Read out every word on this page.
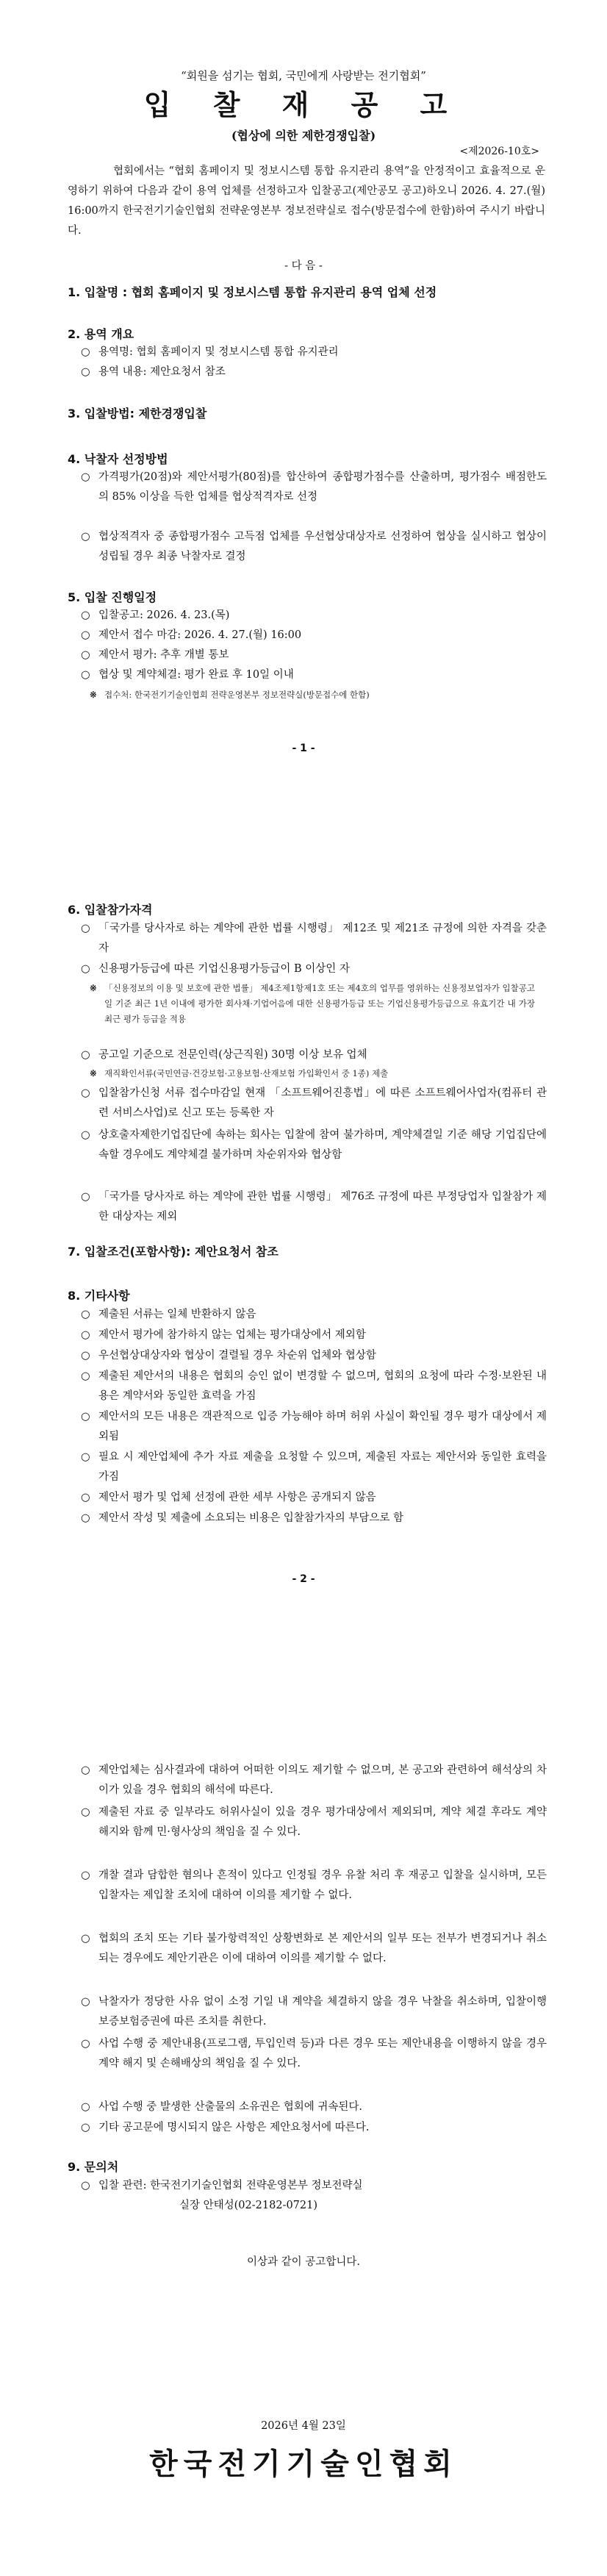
“회원을 섬기는 협회, 국민에게 사랑받는 전기협회”
입 찰 재 공 고
(협상에 의한 제한경쟁입찰)
<제2026-10호>
협회에서는 “협회 홈페이지 및 정보시스템 통합 유지관리 용역”을 안정적이고 효율적으로 운영하기 위하여 다음과 같이 용역 업체를 선정하고자 입찰공고(제안공모 공고)하오니 2026. 4. 27.(월) 16:00까지 한국전기기술인협회 전략운영본부 정보전략실로 접수(방문접수에 한함)하여 주시기 바랍니다.
- 다 음 -
1. 입찰명 : 협회 홈페이지 및 정보시스템 통합 유지관리 용역 업체 선정
2. 용역 개요
○ 용역명: 협회 홈페이지 및 정보시스템 통합 유지관리
○ 용역 내용: 제안요청서 참조
3. 입찰방법: 제한경쟁입찰
4. 낙찰자 선정방법
○ 가격평가(20점)와 제안서평가(80점)를 합산하여 종합평가점수를 산출하며, 평가점수 배점한도의 85% 이상을 득한 업체를 협상적격자로 선정
○ 협상적격자 중 종합평가점수 고득점 업체를 우선협상대상자로 선정하여 협상을 실시하고 협상이 성립될 경우 최종 낙찰자로 결정
5. 입찰 진행일정
○ 입찰공고: 2026. 4. 23.(목)
○ 제안서 접수 마감: 2026. 4. 27.(월) 16:00
○ 제안서 평가: 추후 개별 통보
○ 협상 및 계약체결: 평가 완료 후 10일 이내
※ 접수처: 한국전기기술인협회 전략운영본부 정보전략실(방문접수에 한함)
- 1 -
6. 입찰참가자격
○ 「국가를 당사자로 하는 계약에 관한 법률 시행령」 제12조 및 제21조 규정에 의한 자격을 갖춘 자
○ 신용평가등급에 따른 기업신용평가등급이 B 이상인 자
※ 「신용정보의 이용 및 보호에 관한 법률」 제4조제1항제1호 또는 제4호의 업무를 영위하는 신용정보업자가 입찰공고일 기준 최근 1년 이내에 평가한 회사채·기업어음에 대한 신용평가등급 또는 기업신용평가등급으로 유효기간 내 가장 최근 평가 등급을 적용
○ 공고일 기준으로 전문인력(상근직원) 30명 이상 보유 업체
※ 재직확인서류(국민연금·건강보험·고용보험·산재보험 가입확인서 중 1종) 제출
○ 입찰참가신청 서류 접수마감일 현재 「소프트웨어진흥법」에 따른 소프트웨어사업자(컴퓨터 관련 서비스사업)로 신고 또는 등록한 자
○ 상호출자제한기업집단에 속하는 회사는 입찰에 참여 불가하며, 계약체결일 기준 해당 기업집단에 속할 경우에도 계약체결 불가하며 차순위자와 협상함
○ 「국가를 당사자로 하는 계약에 관한 법률 시행령」 제76조 규정에 따른 부정당업자 입찰참가 제한 대상자는 제외
7. 입찰조건(포함사항): 제안요청서 참조
8. 기타사항
○ 제출된 서류는 일체 반환하지 않음
○ 제안서 평가에 참가하지 않는 업체는 평가대상에서 제외함
○ 우선협상대상자와 협상이 결렬될 경우 차순위 업체와 협상함
○ 제출된 제안서의 내용은 협회의 승인 없이 변경할 수 없으며, 협회의 요청에 따라 수정·보완된 내용은 계약서와 동일한 효력을 가짐
○ 제안서의 모든 내용은 객관적으로 입증 가능해야 하며 허위 사실이 확인될 경우 평가 대상에서 제외됨
○ 필요 시 제안업체에 추가 자료 제출을 요청할 수 있으며, 제출된 자료는 제안서와 동일한 효력을 가짐
○ 제안서 평가 및 업체 선정에 관한 세부 사항은 공개되지 않음
○ 제안서 작성 및 제출에 소요되는 비용은 입찰참가자의 부담으로 함
- 2 -
○ 제안업체는 심사결과에 대하여 어떠한 이의도 제기할 수 없으며, 본 공고와 관련하여 해석상의 차이가 있을 경우 협회의 해석에 따른다.
○ 제출된 자료 중 일부라도 허위사실이 있을 경우 평가대상에서 제외되며, 계약 체결 후라도 계약 해지와 함께 민·형사상의 책임을 질 수 있다.
○ 개찰 결과 담합한 혐의나 흔적이 있다고 인정될 경우 유찰 처리 후 재공고 입찰을 실시하며, 모든 입찰자는 제입찰 조치에 대하여 이의를 제기할 수 없다.
○ 협회의 조치 또는 기타 불가항력적인 상황변화로 본 제안서의 일부 또는 전부가 변경되거나 취소되는 경우에도 제안기관은 이에 대하여 이의를 제기할 수 없다.
○ 낙찰자가 정당한 사유 없이 소정 기일 내 계약을 체결하지 않을 경우 낙찰을 취소하며, 입찰이행보증보험증권에 따른 조치를 취한다.
○ 사업 수행 중 제안내용(프로그램, 투입인력 등)과 다른 경우 또는 제안내용을 이행하지 않을 경우 계약 해지 및 손해배상의 책임을 질 수 있다.
○ 사업 수행 중 발생한 산출물의 소유권은 협회에 귀속된다.
○ 기타 공고문에 명시되지 않은 사항은 제안요청서에 따른다.
9. 문의처
○ 입찰 관련: 한국전기기술인협회 전략운영본부 정보전략실
실장 안태성(02-2182-0721)
이상과 같이 공고합니다.
2026년 4월 23일
한국전기기술인협회
